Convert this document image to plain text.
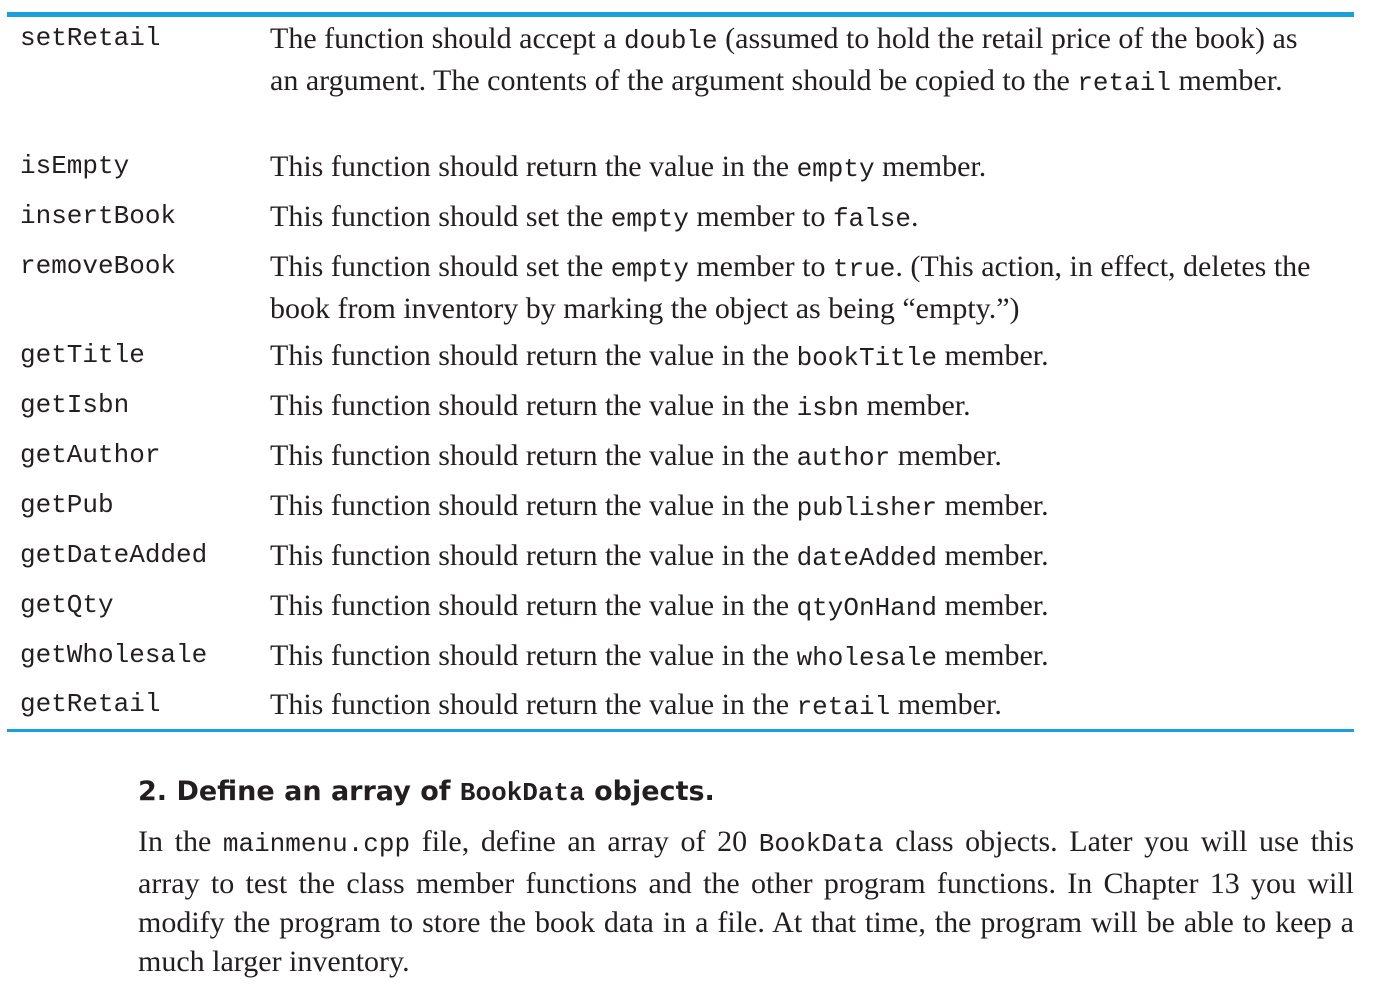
setRetail	The function should accept a double (assumed to hold the retail price of the book) as an argument. The contents of the argument should be copied to the retail member.
isEmpty	This function should return the value in the empty member.
insertBook	This function should set the empty member to false.
removeBook	This function should set the empty member to true. (This action, in effect, deletes the book from inventory by marking the object as being “empty.”)
getTitle	This function should return the value in the bookTitle member.
getIsbn	This function should return the value in the isbn member.
getAuthor	This function should return the value in the author member.
getPub	This function should return the value in the publisher member.
getDateAdded This function should return the value in the dateAdded member.
getQty	This function should return the value in the qtyOnHand member.
getWholesale This function should return the value in the wholesale member.
getRetail	This function should return the value in the retail member.
2. Define an array of BookData objects.
In the mainmenu.cpp file, define an array of 20 BookData class objects. Later you will use this array to test the class member functions and the other program functions. In Chapter 13 you will modify the program to store the book data in a file. At that time, the program will be able to keep a much larger inventory.
